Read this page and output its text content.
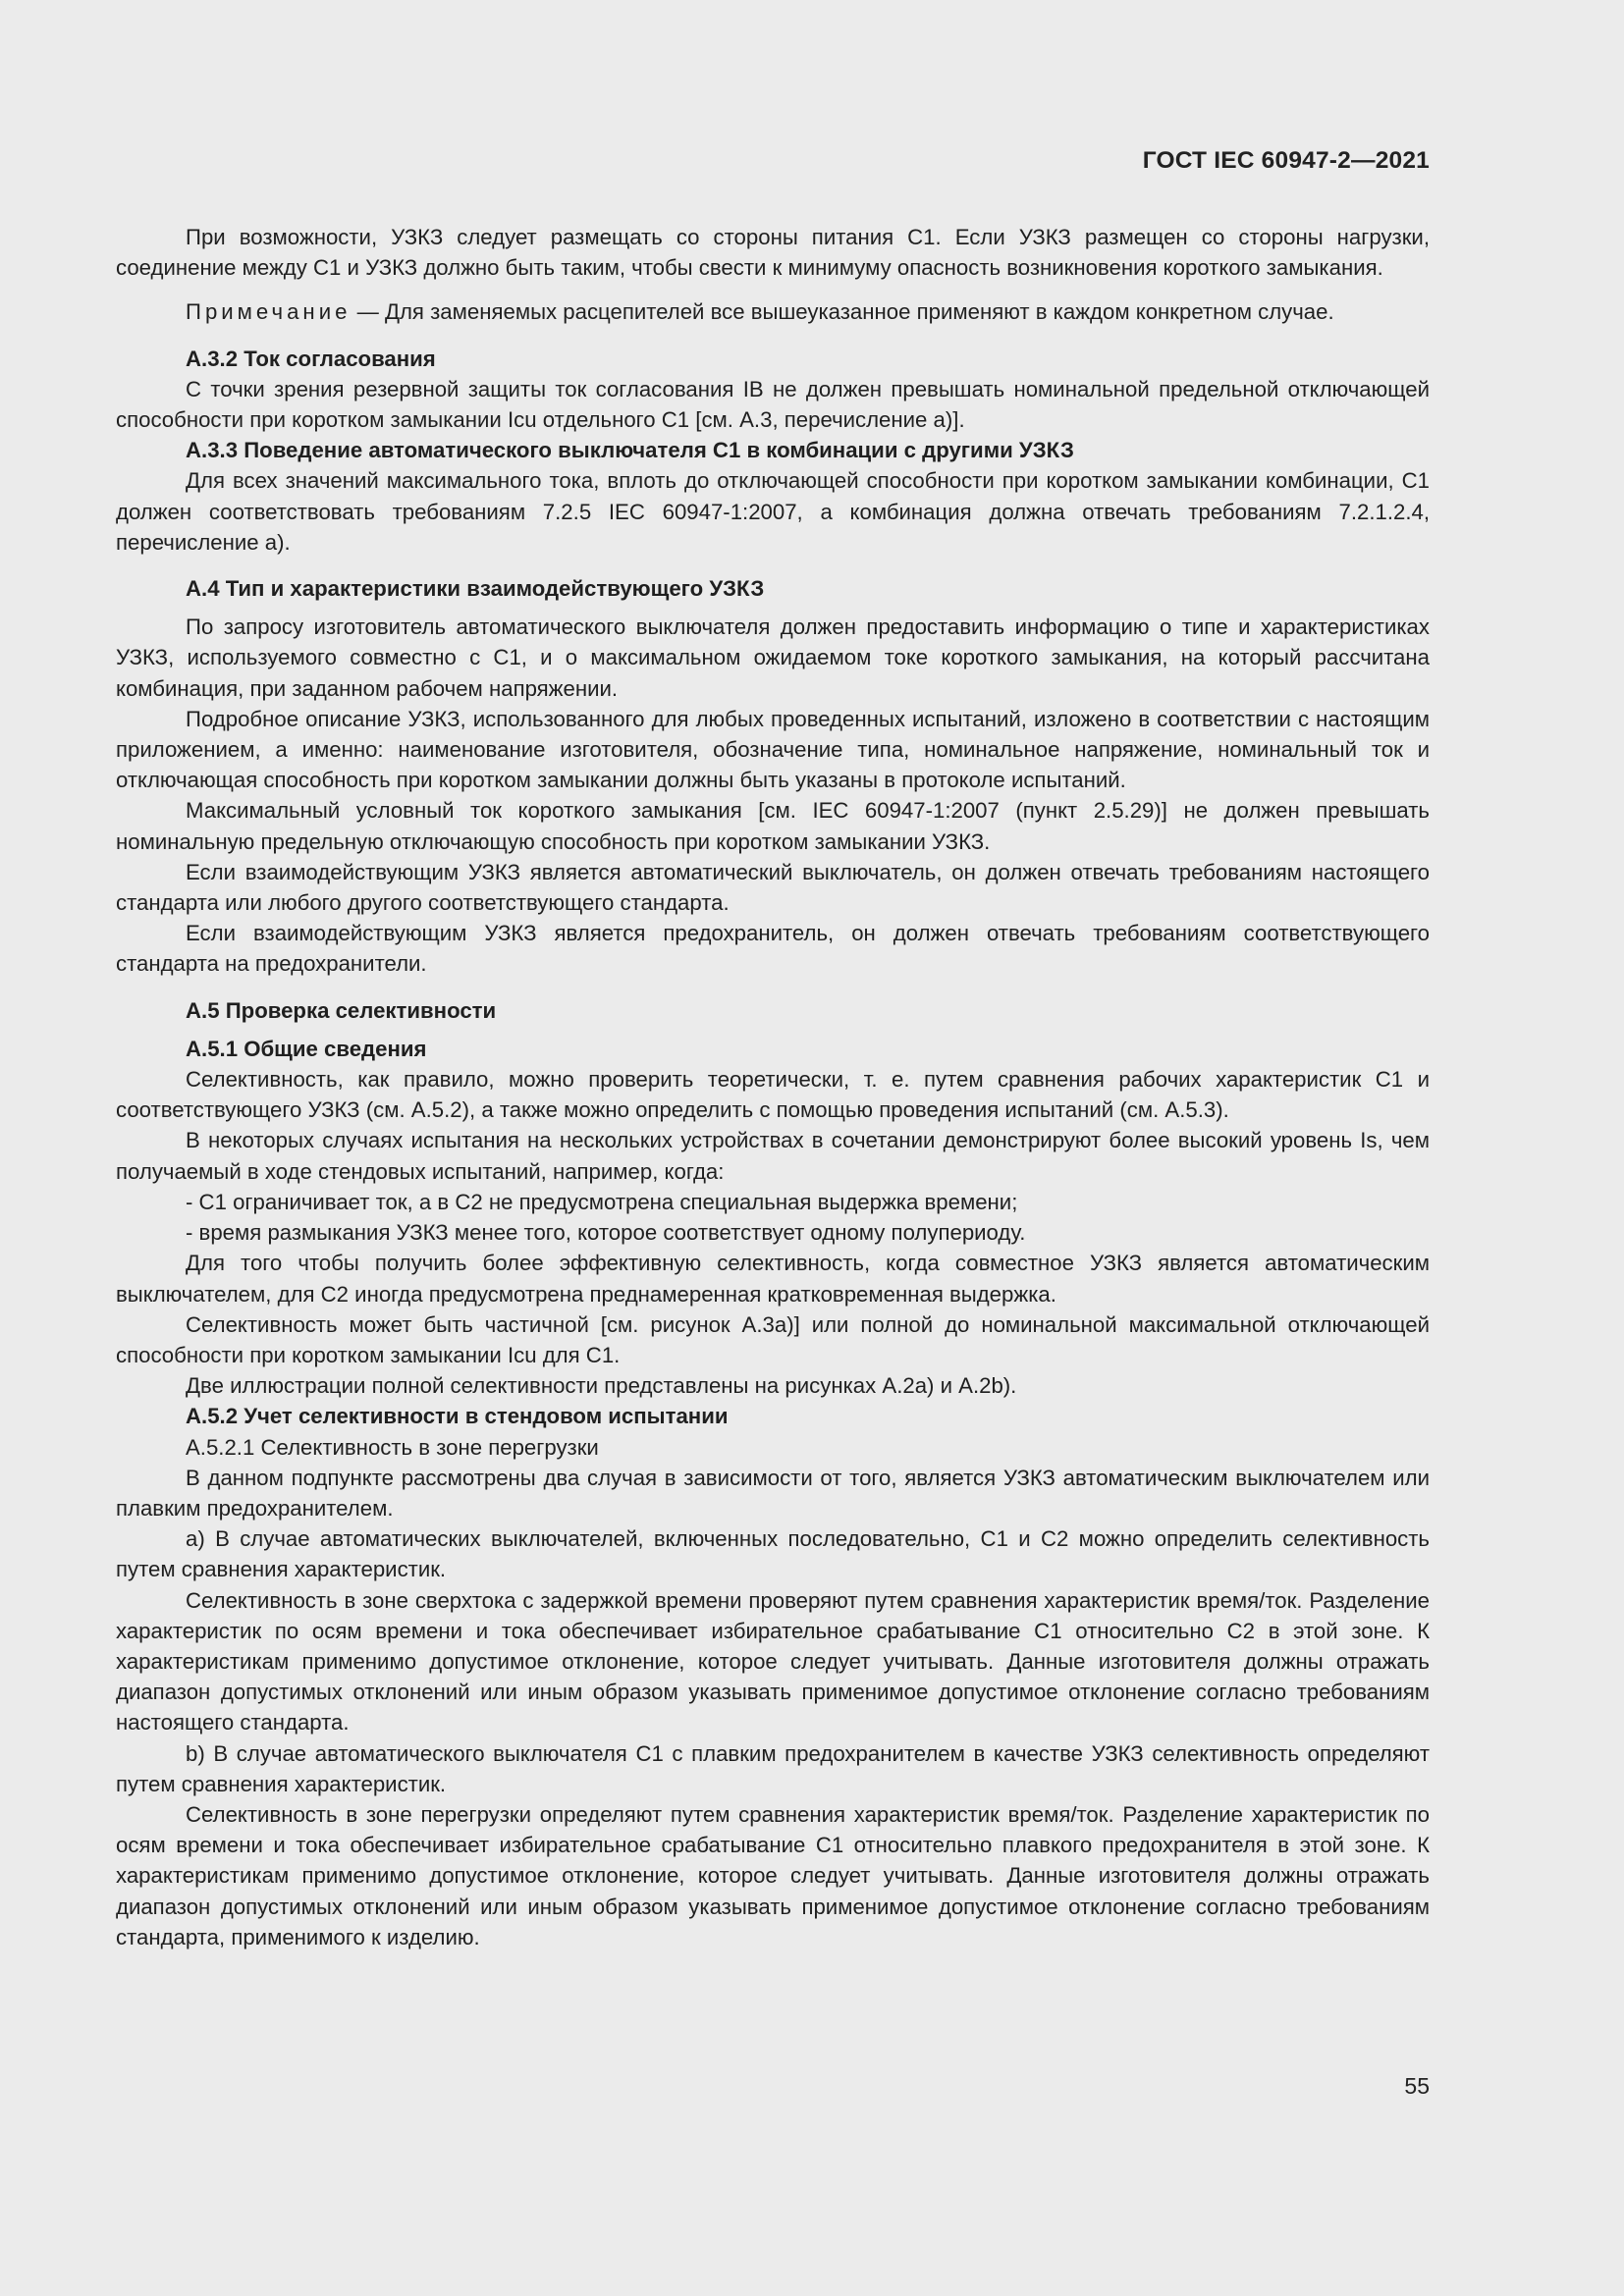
ГОСТ IEC 60947-2—2021

При возможности, УЗКЗ следует размещать со стороны питания C1. Если УЗКЗ размещен со стороны нагрузки, соединение между C1 и УЗКЗ должно быть таким, чтобы свести к минимуму опасность возникновения короткого замыкания.

Примечание — Для заменяемых расцепителей все вышеуказанное применяют в каждом конкретном случае.

А.3.2 Ток согласования

С точки зрения резервной защиты ток согласования IB не должен превышать номинальной предельной отключающей способности при коротком замыкании Icu отдельного C1 [см. А.3, перечисление а)].

А.3.3 Поведение автоматического выключателя C1 в комбинации с другими УЗКЗ

Для всех значений максимального тока, вплоть до отключающей способности при коротком замыкании комбинации, C1 должен соответствовать требованиям 7.2.5 IEC 60947-1:2007, а комбинация должна отвечать требованиям 7.2.1.2.4, перечисление а).

А.4 Тип и характеристики взаимодействующего УЗКЗ

По запросу изготовитель автоматического выключателя должен предоставить информацию о типе и характеристиках УЗКЗ, используемого совместно с C1, и о максимальном ожидаемом токе короткого замыкания, на который рассчитана комбинация, при заданном рабочем напряжении.

Подробное описание УЗКЗ, использованного для любых проведенных испытаний, изложено в соответствии с настоящим приложением, а именно: наименование изготовителя, обозначение типа, номинальное напряжение, номинальный ток и отключающая способность при коротком замыкании должны быть указаны в протоколе испытаний.

Максимальный условный ток короткого замыкания [см. IEC 60947-1:2007 (пункт 2.5.29)] не должен превышать номинальную предельную отключающую способность при коротком замыкании УЗКЗ.

Если взаимодействующим УЗКЗ является автоматический выключатель, он должен отвечать требованиям настоящего стандарта или любого другого соответствующего стандарта.

Если взаимодействующим УЗКЗ является предохранитель, он должен отвечать требованиям соответствующего стандарта на предохранители.

А.5 Проверка селективности

А.5.1 Общие сведения

Селективность, как правило, можно проверить теоретически, т. е. путем сравнения рабочих характеристик C1 и соответствующего УЗКЗ (см. А.5.2), а также можно определить с помощью проведения испытаний (см. А.5.3).

В некоторых случаях испытания на нескольких устройствах в сочетании демонстрируют более высокий уровень Is, чем получаемый в ходе стендовых испытаний, например, когда:

- C1 ограничивает ток, а в C2 не предусмотрена специальная выдержка времени;

- время размыкания УЗКЗ менее того, которое соответствует одному полупериоду.

Для того чтобы получить более эффективную селективность, когда совместное УЗКЗ является автоматическим выключателем, для C2 иногда предусмотрена преднамеренная кратковременная выдержка.

Селективность может быть частичной [см. рисунок А.3а)] или полной до номинальной максимальной отключающей способности при коротком замыкании Icu для C1.

Две иллюстрации полной селективности представлены на рисунках А.2а) и А.2b).

А.5.2 Учет селективности в стендовом испытании

А.5.2.1 Селективность в зоне перегрузки

В данном подпункте рассмотрены два случая в зависимости от того, является УЗКЗ автоматическим выключателем или плавким предохранителем.

а) В случае автоматических выключателей, включенных последовательно, C1 и C2 можно определить селективность путем сравнения характеристик.

Селективность в зоне сверхтока с задержкой времени проверяют путем сравнения характеристик время/ток. Разделение характеристик по осям времени и тока обеспечивает избирательное срабатывание C1 относительно C2 в этой зоне. К характеристикам применимо допустимое отклонение, которое следует учитывать. Данные изготовителя должны отражать диапазон допустимых отклонений или иным образом указывать применимое допустимое отклонение согласно требованиям настоящего стандарта.

b) В случае автоматического выключателя C1 с плавким предохранителем в качестве УЗКЗ селективность определяют путем сравнения характеристик.

Селективность в зоне перегрузки определяют путем сравнения характеристик время/ток. Разделение характеристик по осям времени и тока обеспечивает избирательное срабатывание C1 относительно плавкого предохранителя в этой зоне. К характеристикам применимо допустимое отклонение, которое следует учитывать. Данные изготовителя должны отражать диапазон допустимых отклонений или иным образом указывать применимое допустимое отклонение согласно требованиям стандарта, применимого к изделию.

55
